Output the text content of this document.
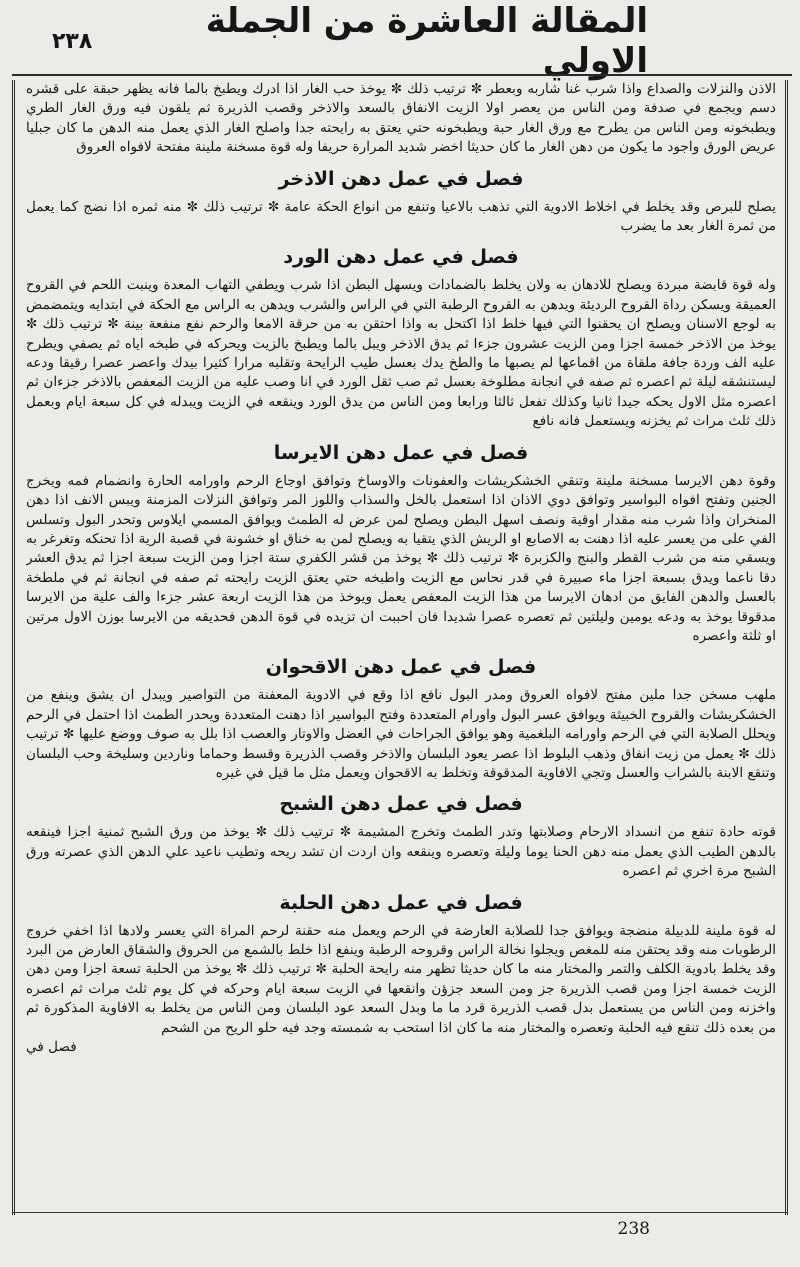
٢٣٨	المقالة العاشرة من الجملة الاولي

الاذن والنزلات والصداع واذا شرب غنا شاربه وبعطر ✼ ترتيب ذلك ✼ يوخذ حب الغار اذا ادرك ويطبخ بالما فانه يظهر حبقة على قشره دسم ويجمع في صدفة ومن الناس من يعصر اولا الزيت الانفاق بالسعد والاذخر وقصب الذريرة ثم يلقون فيه ورق الغار الطري ويطبخونه ومن الناس من يطرح مع ورق الغار حبة ويطبخونه حتي يعتق به رايحته جدا واصلح الغار الذي يعمل منه الدهن ما كان جبليا عريض الورق واجود ما يكون من دهن الغار ما كان حديثا اخضر شديد المرارة حريفا وله قوة مسخنة ملينة مفتحة لافواه العروق

فصل في عمل دهن الاذخر

يصلح للبرص وقد يخلط في اخلاط الادوية التي تذهب بالاعيا وتنفع من انواع الحكة عامة ✼ ترتيب ذلك ✼ منه ثمره اذا نضج كما يعمل من ثمرة الغار بعد ما يضرب

فصل في عمل دهن الورد

وله قوة قابضة مبردة ويصلح للادهان به ولان يخلط بالضمادات ويسهل البطن اذا شرب ويطفي التهاب المعدة وينبت اللحم في القروح العميقة ويسكن رداة القروح الرديئة ويدهن به القروح الرطبة التي في الراس والشرب ويدهن به الراس مع الحكة في ابتدايه ويتمضمض به لوجع الاسنان ويصلح ان يحقنوا التي فيها خلط اذا اكتحل به واذا احتقن به من حرقة الامعا والرحم نفع منفعة بينة ✼ ترتيب ذلك ✼ يوخذ من الاذخر خمسة اجزا ومن الزيت عشرون جزءا ثم يدق الاذخر ويبل بالما ويطبخ بالزيت ويحركه في طبخه اياه ثم يصفي ويطرح عليه الف وردة جافة ملقاة من اقماعها لم يصبها ما والطخ يدك بعسل طيب الرايحة وتقلبه مرارا كثيرا بيدك واعصر عصرا رقيقا ودعه ليستنشقه ليلة ثم اعصره ثم صفه في انجانة مطلوخة بعسل ثم صب ثقل الورد في انا وصب عليه من الزيت المعفص بالاذخر جزءان ثم اعصره مثل الاول يحكه جيدا ثانيا وكذلك تفعل ثالثا ورابعا ومن الناس من يدق الورد وينقعه في الزيت ويبدله في كل سبعة ايام وبعمل ذلك ثلث مرات ثم يخزنه ويستعمل فانه نافع

فصل في عمل دهن الايرسا

وقوة دهن الايرسا مسخنة ملينة وتنقي الخشكريشات والعفونات والاوساخ وتوافق اوجاع الرحم واورامه الحارة وانضمام فمه ويخرج الجنين وتفتح افواه البواسير وتوافق دوي الاذان اذا استعمل بالخل والسذاب واللوز المر وتوافق النزلات المزمنة ويبس الانف اذا دهن المنخران واذا شرب منه مقدار اوقية ونصف اسهل البطن ويصلح لمن عرض له الطمث ويوافق المسمي ايلاوس وتحدر البول وتسلس الفي على من يعسر عليه اذا دهنت به الاصابع او الريش الذي يتقيا به ويصلح لمن به خناق او خشونة في قصبة الرية اذا تحنكه وتغرغر به ويسقي منه من شرب القطر والبنج والكزبرة ✼ ترتيب ذلك ✼ يوخذ من قشر الكفري ستة اجزا ومن الزيت سبعة اجزا ثم يدق العشر دقا ناعما ويدق بسبعة اجزا ماء صبيرة في قدر نحاس مع الزيت واطبخه حتي يعتق الزيت رايحته ثم صفه في انجانة ثم في ملطخة بالعسل والدهن الفايق من ادهان الايرسا من هذا الزيت المعفص يعمل ويوخذ من هذا الزيت اربعة عشر جزءا والف علية من الايرسا مدقوقا يوخذ به ودعه يومين وليلتين ثم تعصره عصرا شديدا فان احببت ان تزيده في قوة الدهن فحديقه من الايرسا بوزن الاول مرتين او ثلثة واعصره

فصل في عمل دهن الاقحوان

ملهب مسخن جدا ملين مفتح لافواه العروق ومدر البول نافع اذا وقع في الادوية المعفنة من التواصير ويبدل ان يشق وينفع من الخشكريشات والقروح الخبيثة ويوافق عسر البول واورام المتعددة وفتح البواسير اذا دهنت المتعددة ويحدر الطمث اذا احتمل في الرحم ويحلل الصلابة التي في الرحم واورامه البلغمية وهو يوافق الجراحات في العضل والاوتار والعصب اذا بلل به صوف ووضع عليها ✼ ترتيب ذلك ✼ يعمل من زيت انفاق وذهب البلوط اذا عصر يعود البلسان والاذخر وقصب الذريرة وقسط وحماما وناردين وسليخة وحب البلسان وتنقع الابنة بالشراب والعسل وتجي الافاوية المدقوقة وتخلط به الاقحوان ويعمل مثل ما قيل في غيره

فصل في عمل دهن الشبح

قوته حادة تنفع من انسداد الارحام وصلابتها وتدر الطمث وتخرج المشيمة ✼ ترتيب ذلك ✼ يوخذ من ورق الشبح ثمنية اجزا فينقعه بالدهن الطيب الذي يعمل منه دهن الحنا يوما وليلة وتعصره وينقعه وان اردت ان تشد ريحه وتطيب ناعيد علي الدهن الذي عصرته ورق الشبح مرة اخري ثم اعصره

فصل في عمل دهن الحلبة

له قوة ملينة للدبيلة منضجة ويوافق جدا للصلابة العارضة في الرحم ويعمل منه حقنة لرحم المراة التي يعسر ولادها اذا اخفي خروج الرطوبات منه وقد يحتقن منه للمغص ويجلوا نخالة الراس وقروحه الرطبة وينفع اذا خلط بالشمع من الحروق والشقاق العارض من البرد وقد يخلط بادوية الكلف والتمر والمختار منه ما كان حديثا تظهر منه رايحة الحلبة ✼ ترتيب ذلك ✼ يوخذ من الحلبة تسعة اجزا ومن دهن الزيت خمسة اجزا ومن قصب الذريرة جز ومن السعد جزؤن وانقعها في الزيت سبعة ايام وحركه في كل يوم ثلث مرات ثم اعصره واخزنه ومن الناس من يستعمل بدل قصب الذريرة قرد ما ما وبدل السعد عود البلسان ومن الناس من يخلط به الافاوية المذكورة ثم من بعده ذلك تنقع فيه الحلبة وتعصره والمختار منه ما كان اذا استحب به شمسته وجد فيه حلو الريح من الشحم

فصل في

238
